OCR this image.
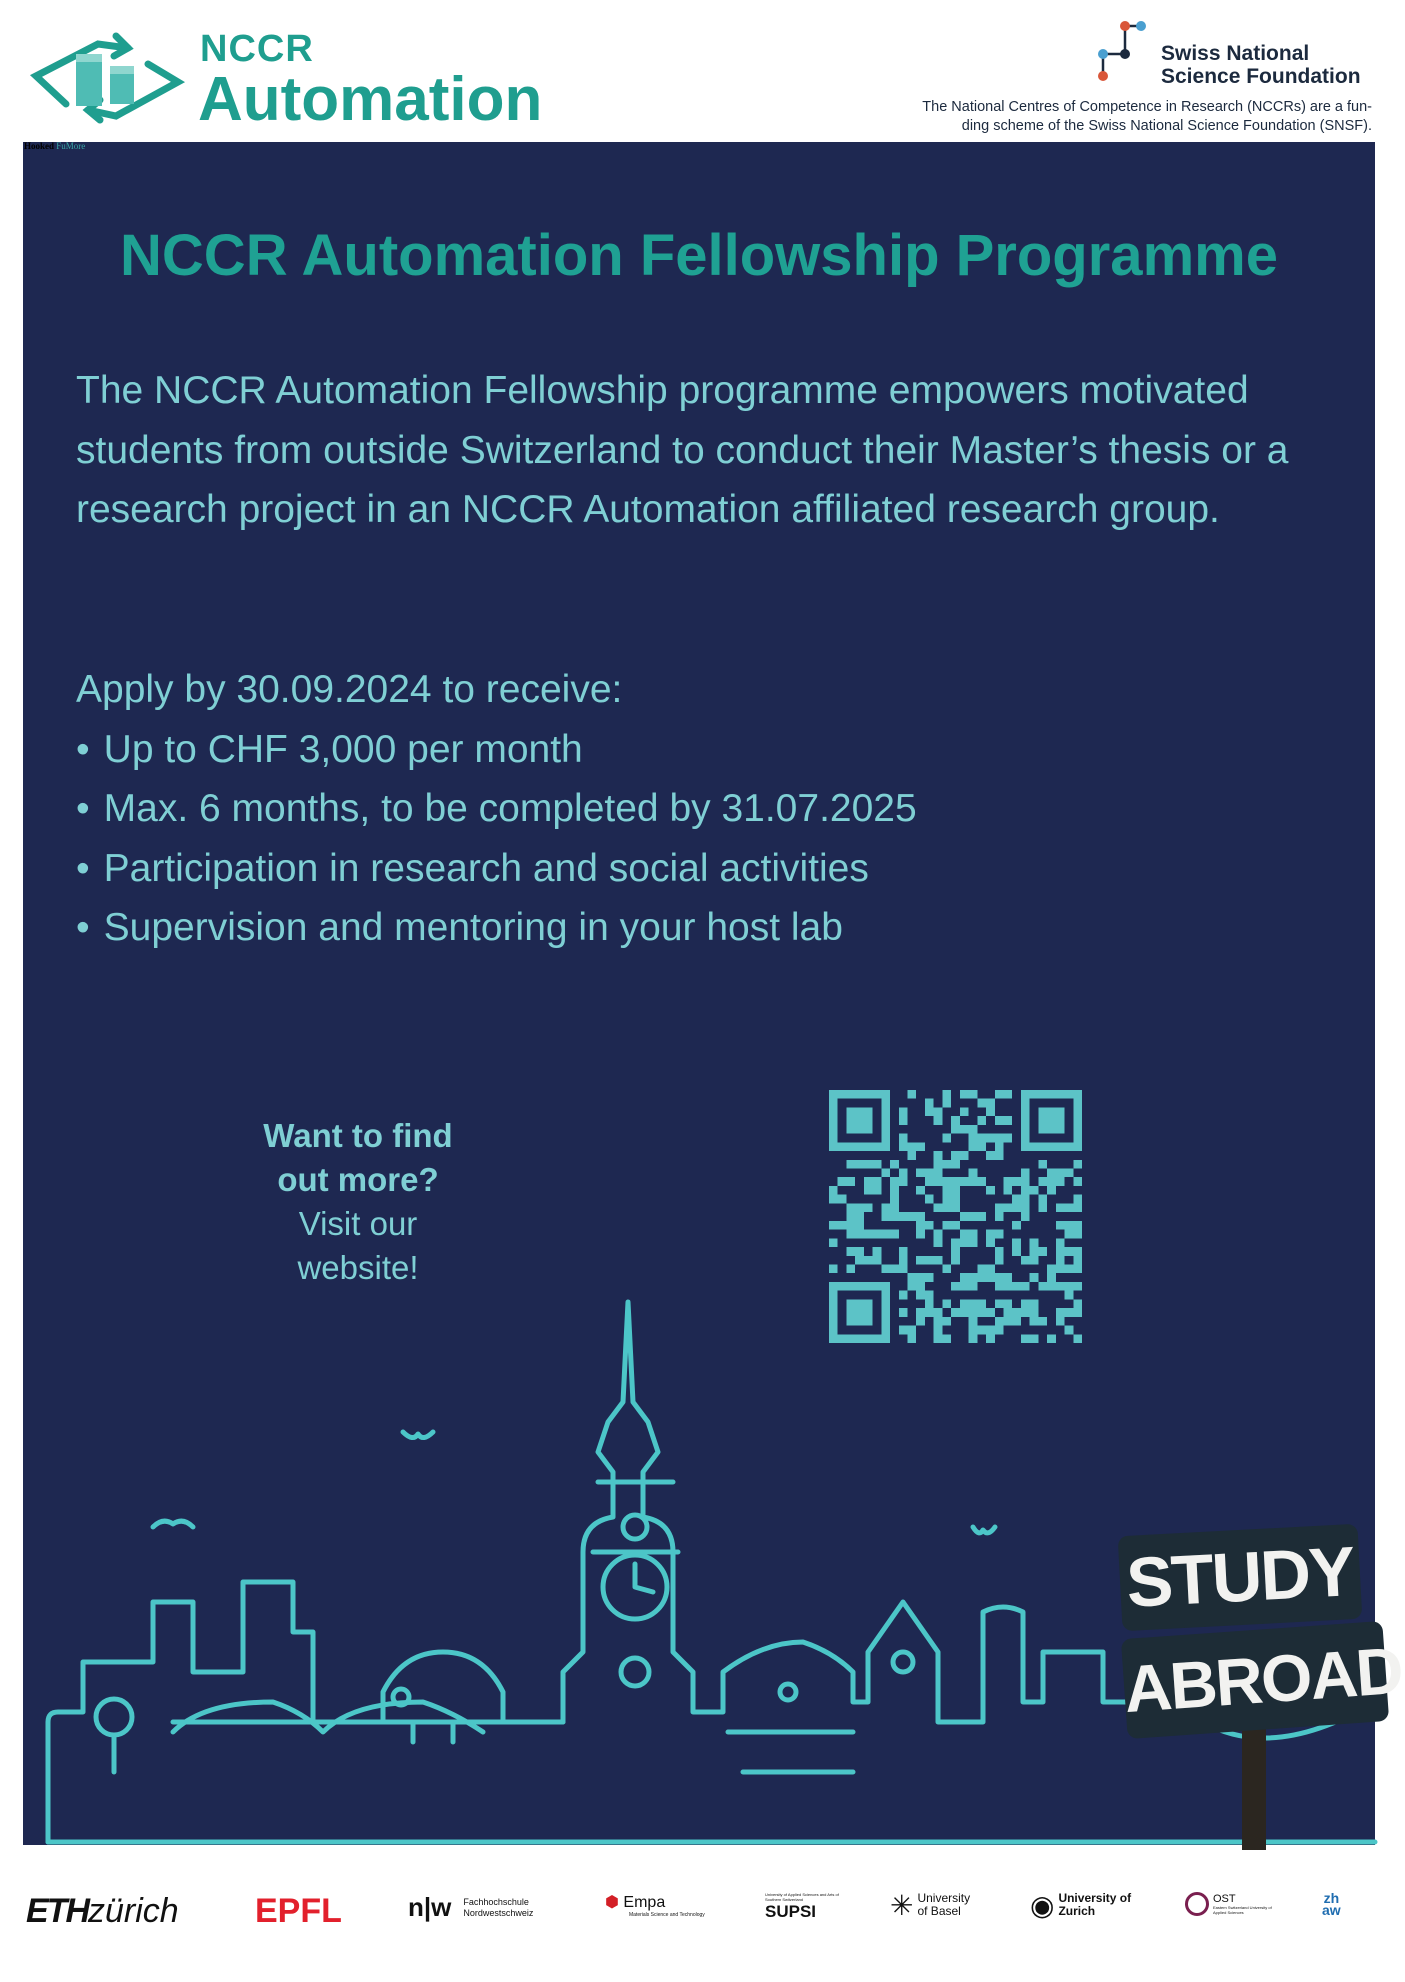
NCCR
Automation
Swiss National
Science Foundation
The National Centres of Competence in Research (NCCRs) are a fun-
ding scheme of the Swiss National Science Foundation (SNSF).
Hooked FuMore
NCCR Automation Fellowship Programme
The NCCR Automation Fellowship programme empowers motivated students from outside Switzerland to conduct their Master’s thesis or a research project in an NCCR Automation affiliated research group.
Apply by 30.09.2024 to receive:
• Up to CHF 3,000 per month
• Max. 6 months, to be completed by 31.07.2025
• Participation in research and social activities
• Supervision and mentoring in your host lab
Want to find
out more?
Visit our
website!
STUDY
ABROAD
ETH zürich EPFL	n|w Fachhochschule
Nordwestschweiz
⬢ Empa
Materials Science and Technology
University of Applied Sciences and Arts of Southern Switzerland
SUPSI	✳ University
of Basel	◉ University of
Zurich
OST
Eastern Switzerland University of Applied Sciences
zh
aw
